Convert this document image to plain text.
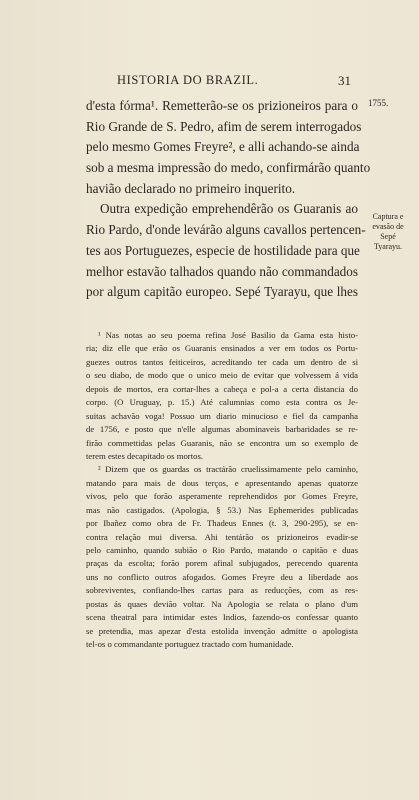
HISTORIA DO BRAZIL.	31
1755.
Captura e
evasão de
Sepé
Tyarayu.
d'esta fórma¹. Remetterão-se os prizioneiros para o
Rio Grande de S. Pedro, afim de serem interrogados
pelo mesmo Gomes Freyre², e alli achando-se ainda
sob a mesma impressão do medo, confirmárão quanto
havião declarado no primeiro inquerito.
Outra expedição emprehendêrão os Guaranis ao
Rio Pardo, d'onde levárão alguns cavallos pertencen-
tes aos Portuguezes, especie de hostilidade para que
melhor estavão talhados quando não commandados
por algum capitão europeo. Sepé Tyarayu, que lhes
¹ Nas notas ao seu poema refina José Basilio da Gama esta histo-
ria; diz elle que erão os Guaranis ensinados a ver em todos os Portu-
guezes outros tantos feiticeiros, acreditando ter cada um dentro de si
o seu diabo, de modo que o unico meio de evitar que volvessem á vida
depois de mortos, era cortar-lhes a cabeça e pol-a a certa distancia do
corpo. (O Uruguay, p. 15.) Até calumnias como esta contra os Je-
suitas achavão voga! Possuo um diario minucioso e fiel da campanha
de 1756, e posto que n'elle algumas abominaveis barbaridades se re-
firão commettidas pelas Guaranis, não se encontra um so exemplo de
terem estes decapitado os mortos.
² Dizem que os guardas os tractárão cruelissimamente pelo caminho,
matando para mais de dous terços, e apresentando apenas quatorze
vivos, pelo que forão asperamente reprehendidos por Gomes Freyre,
mas não castigados. (Apologia, § 53.) Nas Ephemerides publicadas
por Ibañez como obra de Fr. Thadeus Ennes (t. 3, 290-295), se en-
contra relação mui diversa. Ahi tentárão os prizioneiros evadir-se
pelo caminho, quando subião o Rio Pardo, matando o capitão e duas
praças da escolta; forão porem afinal subjugados, perecendo quarenta
uns no conflicto outros afogados. Gomes Freyre deu a liberdade aos
sobreviventes, confiando-lhes cartas para as reducções, com as res-
postas ás quaes devião voltar. Na Apologia se relata o plano d'um
scena theatral para intimidar estes Indios, fazendo-os confessar quanto
se pretendia, mas apezar d'esta estolida invenção admitte o apologista
tel-os o commandante portuguez tractado com humanidade.
